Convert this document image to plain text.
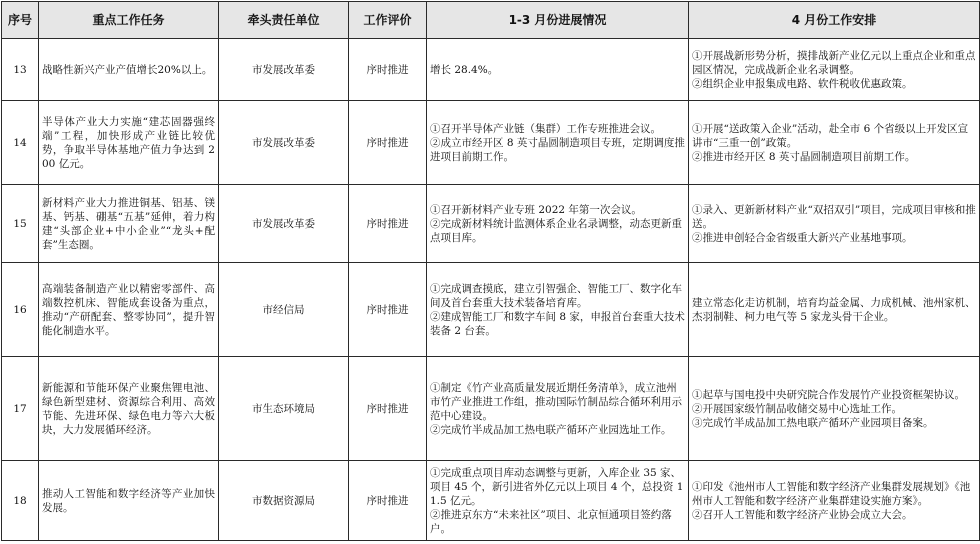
序号	重点工作任务	牵头责任单位	工作评价	1-3 月份进展情况	4 月份工作安排
13	战略性新兴产业产值增长20%以上。	市发展改革委	序时推进	增长 28.4%。	①开展战新形势分析，摸排战新产业亿元以上重点企业和重点园区情况，完成战新企业名录调整。
②组织企业申报集成电路、软件税收优惠政策。

14	半导体产业大力实施“建芯固器强终端”工程，加快形成产业链比较优势，争取半导体基地产值力争达到 200 亿元。	市发展改革委	序时推进	①召开半导体产业链（集群）工作专班推进会议。
②成立市经开区 8 英寸晶圆制造项目专班，定期调度推进项目前期工作。	①开展“送政策入企业”活动，赴全市 6 个省级以上开发区宣讲市“三重一创”政策。
②推进市经开区 8 英寸晶圆制造项目前期工作。

15	新材料产业大力推进铜基、铝基、镁基、钙基、硼基“五基”延伸，着力构建“头部企业+中小企业”“龙头+配套”生态圈。	市发展改革委	序时推进	①召开新材料产业专班 2022 年第一次会议。
②完成新材料统计监测体系企业名录调整，动态更新重点项目库。	①录入、更新新材料产业“双招双引”项目，完成项目审核和推送。
②推进申创轻合金省级重大新兴产业基地事项。

16	高端装备制造产业以精密零部件、高端数控机床、智能成套设备为重点，推动“产研配套、整零协同”，提升智能化制造水平。	市经信局	序时推进	①完成调查摸底，建立引智强企、智能工厂、数字化车间及首台套重大技术装备培育库。
②建成智能工厂和数字车间 8 家，申报首台套重大技术装备 2 台套。	建立常态化走访机制，培育均益金属、力成机械、池州家机、杰羽制鞋、柯力电气等 5 家龙头骨干企业。

17	新能源和节能环保产业聚焦锂电池、绿色新型建材、资源综合利用、高效节能、先进环保、绿色电力等六大板块，大力发展循环经济。	市生态环境局	序时推进	①制定《竹产业高质量发展近期任务清单》，成立池州市竹产业推进工作组，推动国际竹制品综合循环利用示范中心建设。
②完成竹半成品加工热电联产循环产业园选址工作。	①起草与国电投中央研究院合作发展竹产业投资框架协议。
②开展国家级竹制品收储交易中心选址工作。
③完成竹半成品加工热电联产循环产业园项目备案。

18	推动人工智能和数字经济等产业加快发展。	市数据资源局	序时推进	①完成重点项目库动态调整与更新，入库企业 35 家、项目 45 个，新引进省外亿元以上项目 4 个，总投资 11.5 亿元。
②推进京东方“未来社区”项目、北京恒通项目签约落户。	①印发《池州市人工智能和数字经济产业集群发展规划》《池州市人工智能和数字经济产业集群建设实施方案》。
②召开人工智能和数字经济产业协会成立大会。
